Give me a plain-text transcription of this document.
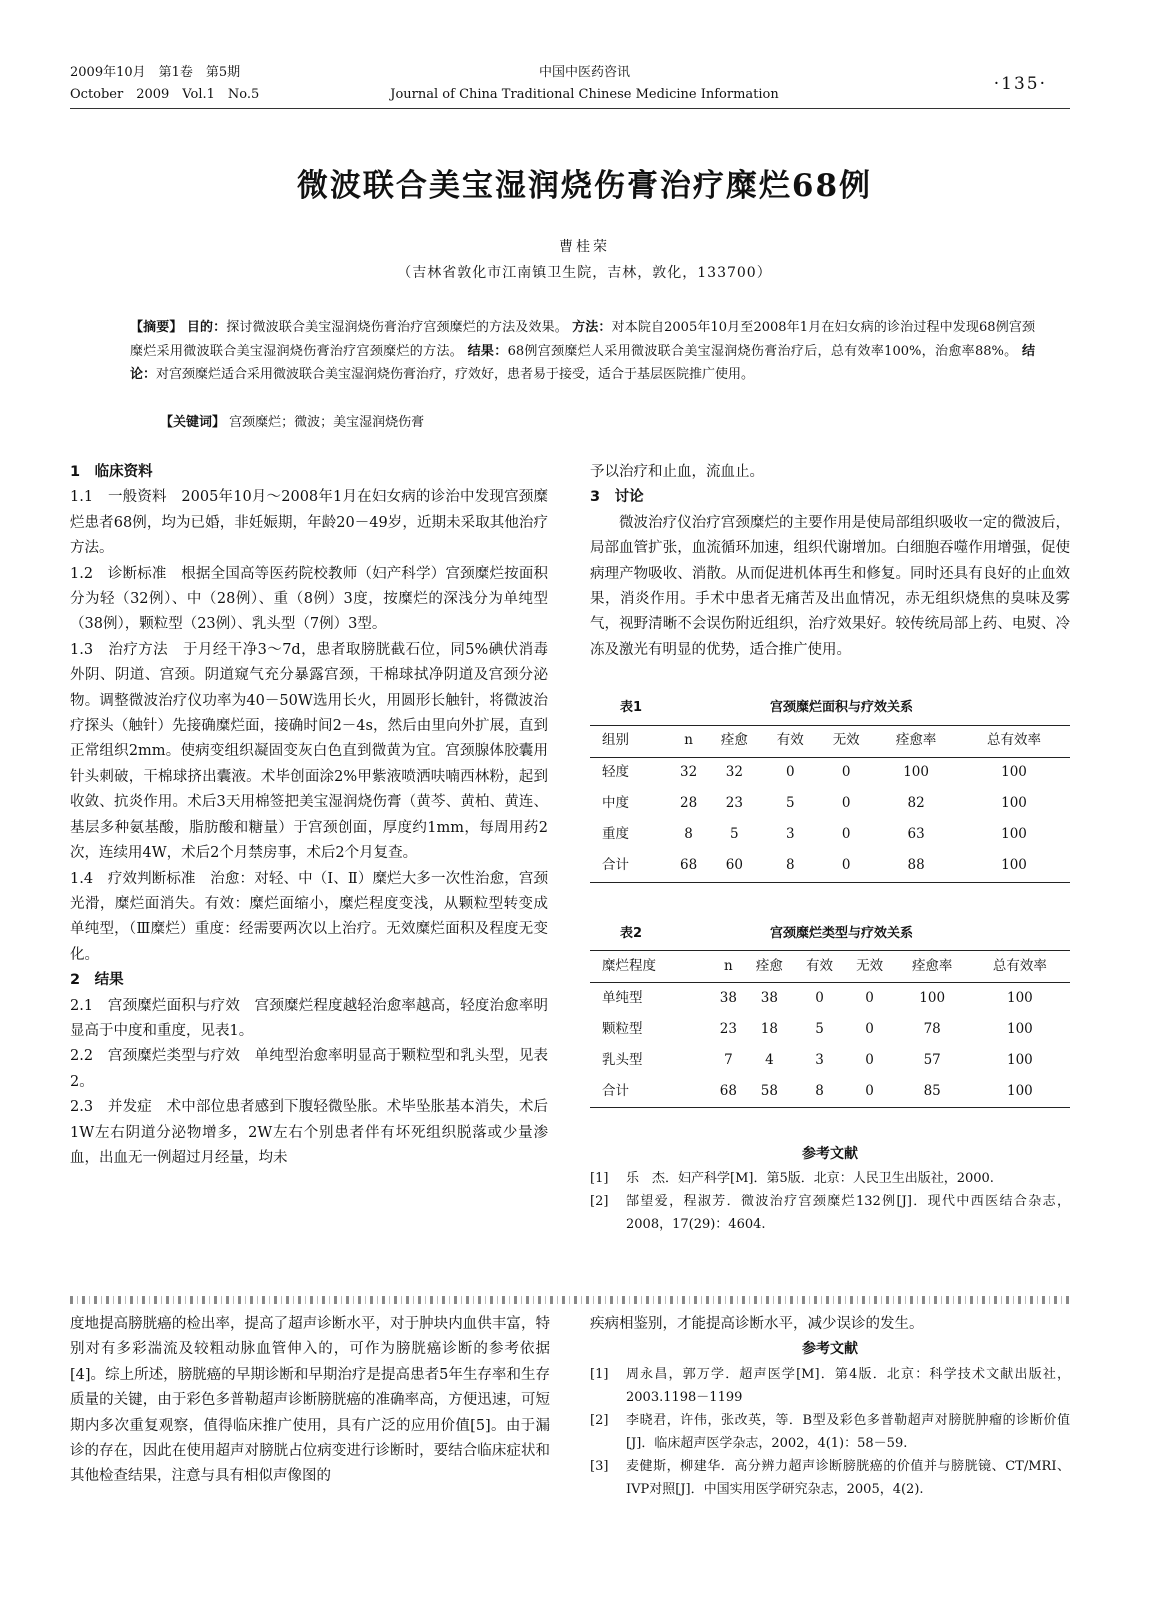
2009年10月　第1卷　第5期
October　2009　Vol.1　No.5
中国中医药咨讯
Journal of China Traditional Chinese Medicine Information
·135·
微波联合美宝湿润烧伤膏治疗糜烂68例
曹桂荣
（吉林省敦化市江南镇卫生院，吉林，敦化，133700）
【摘要】 目的：探讨微波联合美宝湿润烧伤膏治疗宫颈糜烂的方法及效果。 方法：对本院自2005年10月至2008年1月在妇女病的诊治过程中发现68例宫颈糜烂采用微波联合美宝湿润烧伤膏治疗宫颈糜烂的方法。 结果：68例宫颈糜烂人采用微波联合美宝湿润烧伤膏治疗后，总有效率100%，治愈率88%。 结论：对宫颈糜烂适合采用微波联合美宝湿润烧伤膏治疗，疗效好，患者易于接受，适合于基层医院推广使用。
【关键词】 宫颈糜烂；微波；美宝湿润烧伤膏

1　临床资料

1.1　一般资料　2005年10月～2008年1月在妇女病的诊治中发现宫颈糜烂患者68例，均为已婚，非妊娠期，年龄20－49岁，近期未采取其他治疗方法。

1.2　诊断标准　根据全国高等医药院校教师（妇产科学）宫颈糜烂按面积分为轻（32例）、中（28例）、重（8例）3度，按糜烂的深浅分为单纯型（38例），颗粒型（23例）、乳头型（7例）3型。

1.3　治疗方法　于月经干净3～7d，患者取膀胱截石位，同5%碘伏消毒外阴、阴道、宫颈。阴道窥气充分暴露宫颈，干棉球拭净阴道及宫颈分泌物。调整微波治疗仪功率为40－50W选用长火，用圆形长触针，将微波治疗探头（触针）先接确糜烂面，接确时间2－4s，然后由里向外扩展，直到正常组织2mm。使病变组织凝固变灰白色直到微黄为宜。宫颈腺体胶囊用针头刺破，干棉球挤出囊液。术毕创面涂2%甲紫液喷洒呋喃西林粉，起到收敛、抗炎作用。术后3天用棉签把美宝湿润烧伤膏（黄芩、黄柏、黄连、基层多种氨基酸，脂肪酸和糖量）于宫颈创面，厚度约1mm，每周用药2次，连续用4W，术后2个月禁房事，术后2个月复查。

1.4　疗效判断标准　治愈：对轻、中（Ⅰ、Ⅱ）糜烂大多一次性治愈，宫颈光滑，糜烂面消失。有效：糜烂面缩小，糜烂程度变浅，从颗粒型转变成单纯型，（Ⅲ糜烂）重度：经需要两次以上治疗。无效糜烂面积及程度无变化。

2　结果

2.1　宫颈糜烂面积与疗效　宫颈糜烂程度越轻治愈率越高，轻度治愈率明显高于中度和重度，见表1。

2.2　宫颈糜烂类型与疗效　单纯型治愈率明显高于颗粒型和乳头型，见表2。

2.3　并发症　术中部位患者感到下腹轻微坠胀。术毕坠胀基本消失，术后1W左右阴道分泌物增多，2W左右个别患者伴有坏死组织脱落或少量渗血，出血无一例超过月经量，均未

予以治疗和止血，流血止。

3　讨论

微波治疗仪治疗宫颈糜烂的主要作用是使局部组织吸收一定的微波后，局部血管扩张，血流循环加速，组织代谢增加。白细胞吞噬作用增强，促使病理产物吸收、消散。从而促进机体再生和修复。同时还具有良好的止血效果，消炎作用。手术中患者无痛苦及出血情况，赤无组织烧焦的臭味及雾气，视野清晰不会误伤附近组织，治疗效果好。较传统局部上药、电熨、冷冻及激光有明显的优势，适合推广使用。

表1	宫颈糜烂面积与疗效关系
组别	n	痊愈	有效	无效	痊愈率	总有效率
轻度	32	32	0	0	100	100
中度	28	23	5	0	82	100
重度	8	5	3	0	63	100
合计	68	60	8	0	88	100
表2	宫颈糜烂类型与疗效关系
糜烂程度	n	痊愈	有效	无效	痊愈率	总有效率
单纯型	38	38	0	0	100	100
颗粒型	23	18	5	0	78	100
乳头型	7	4	3	0	57	100
合计	68	58	8	0	85	100
参考文献
[1]	乐　杰．妇产科学[M]．第5版．北京：人民卫生出版社，2000.
[2]	郜望爱，程淑芳．微波治疗宫颈糜烂132例[J]．现代中西医结合杂志，2008，17(29)：4604.

度地提高膀胱癌的检出率，提高了超声诊断水平，对于肿块内血供丰富，特别对有多彩湍流及较粗动脉血管伸入的，可作为膀胱癌诊断的参考依据[4]。综上所述，膀胱癌的早期诊断和早期治疗是提高患者5年生存率和生存质量的关键，由于彩色多普勒超声诊断膀胱癌的准确率高，方便迅速，可短期内多次重复观察，值得临床推广使用，具有广泛的应用价值[5]。由于漏诊的存在，因此在使用超声对膀胱占位病变进行诊断时，要结合临床症状和其他检查结果，注意与具有相似声像图的

疾病相鉴别，才能提高诊断水平，减少误诊的发生。

参考文献
[1]	周永昌，郭万学．超声医学[M]．第4版．北京：科学技术文献出版社，2003.1198－1199
[2]	李晓君，许伟，张改英，等．B型及彩色多普勒超声对膀胱肿瘤的诊断价值[J]．临床超声医学杂志，2002，4(1)：58－59.
[3]	麦健斯，柳建华．高分辨力超声诊断膀胱癌的价值并与膀胱镜、CT/MRI、IVP对照[J]．中国实用医学研究杂志，2005，4(2).
